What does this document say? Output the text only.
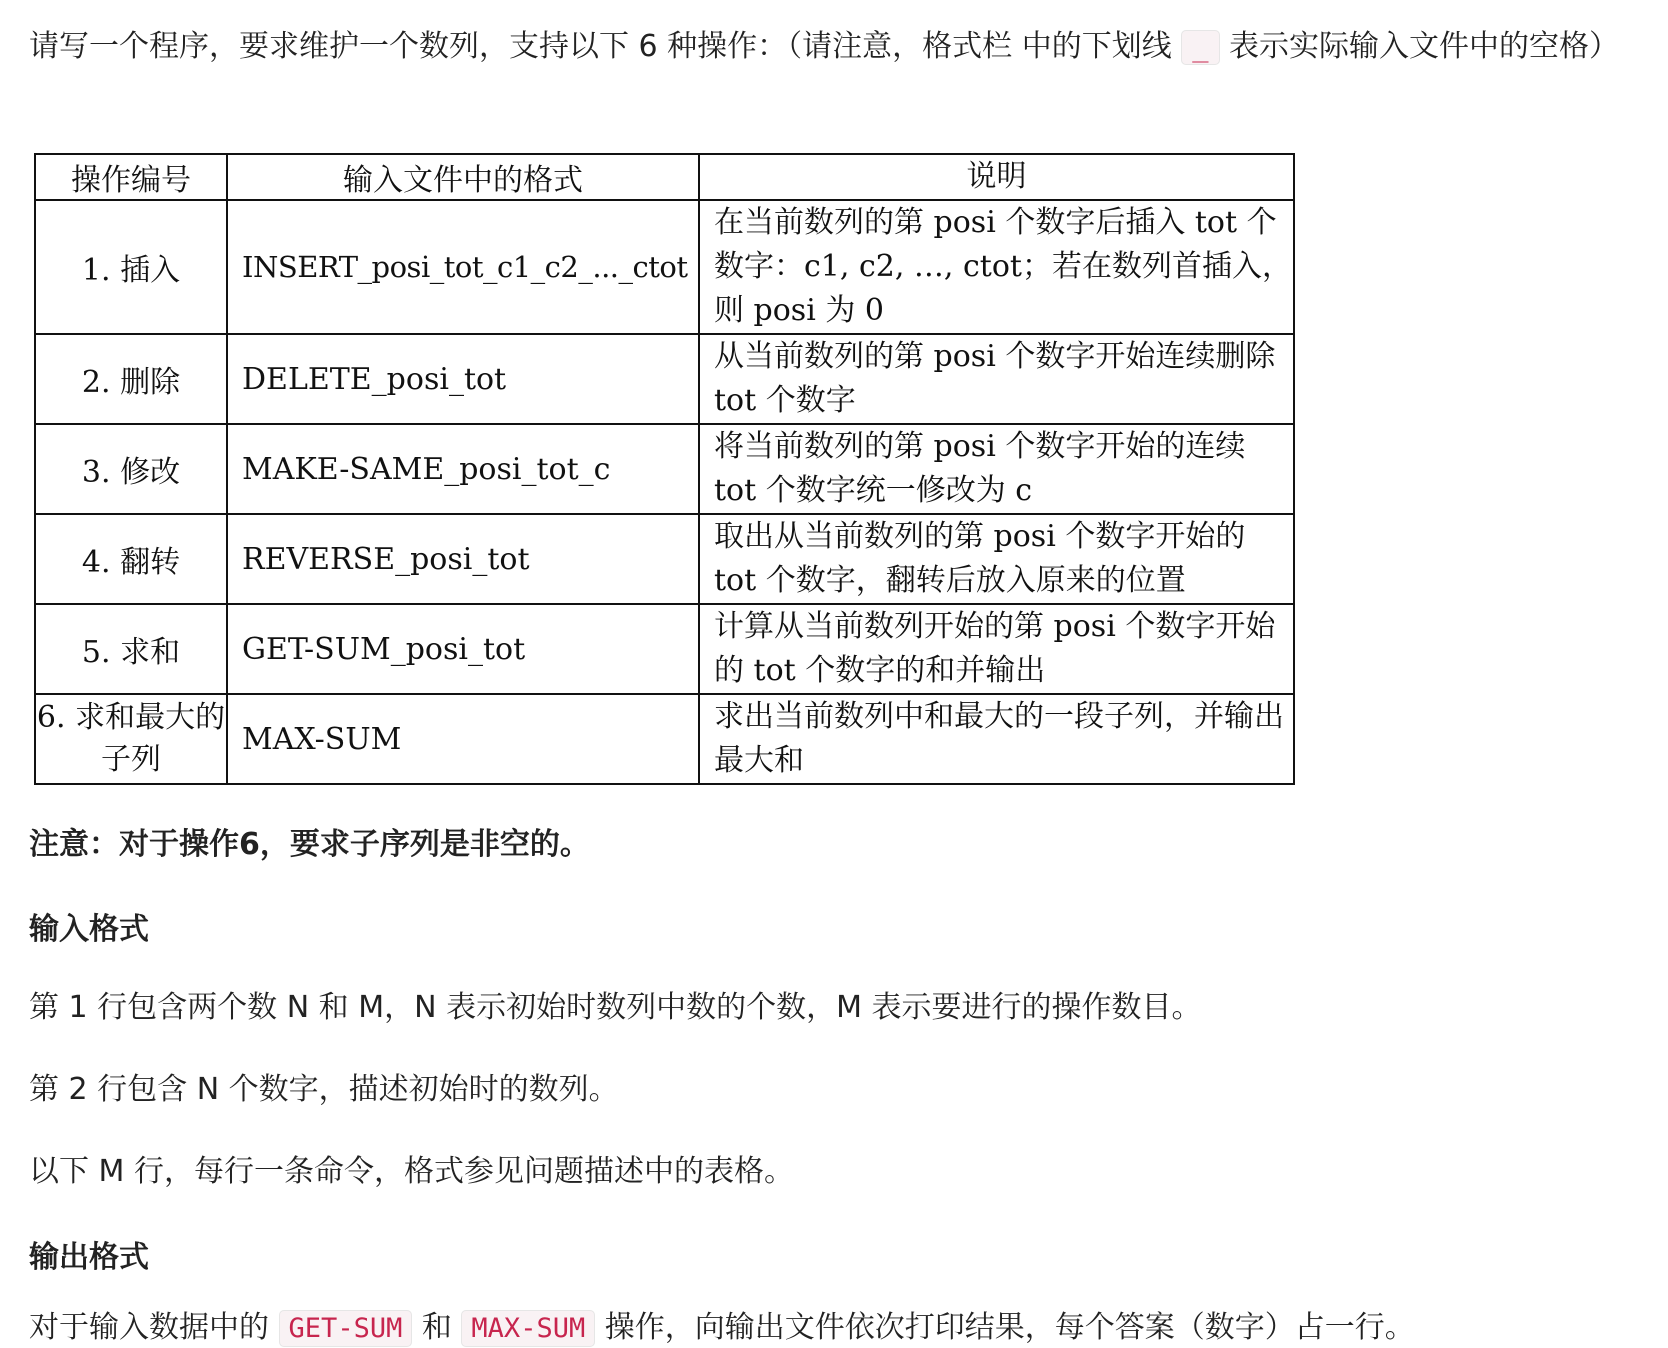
请写一个程序，要求维护一个数列，支持以下 6 种操作：（请注意，格式栏 中的下划线 _ 表示实际输入文件中的空格）

操作编号	输入文件中的格式	说明
1. 插入	INSERT_posi_tot_c1_c2_..._ctot	在当前数列的第 posi 个数字后插入 tot 个数字：c1, c2, …, ctot；若在数列首插入，则 posi 为 0
2. 删除	DELETE_posi_tot	从当前数列的第 posi 个数字开始连续删除 tot 个数字
3. 修改	MAKE-SAME_posi_tot_c	将当前数列的第 posi 个数字开始的连续 tot 个数字统一修改为 c
4. 翻转	REVERSE_posi_tot	取出从当前数列的第 posi 个数字开始的 tot 个数字，翻转后放入原来的位置
5. 求和	GET-SUM_posi_tot	计算从当前数列开始的第 posi 个数字开始的 tot 个数字的和并输出
6. 求和最大的子列	MAX-SUM	求出当前数列中和最大的一段子列，并输出最大和

注意：对于操作6，要求子序列是非空的。

输入格式

第 1 行包含两个数 N 和 M，N 表示初始时数列中数的个数，M 表示要进行的操作数目。

第 2 行包含 N 个数字，描述初始时的数列。

以下 M 行，每行一条命令，格式参见问题描述中的表格。

输出格式

对于输入数据中的 GET-SUM 和 MAX-SUM 操作，向输出文件依次打印结果，每个答案（数字）占一行。
